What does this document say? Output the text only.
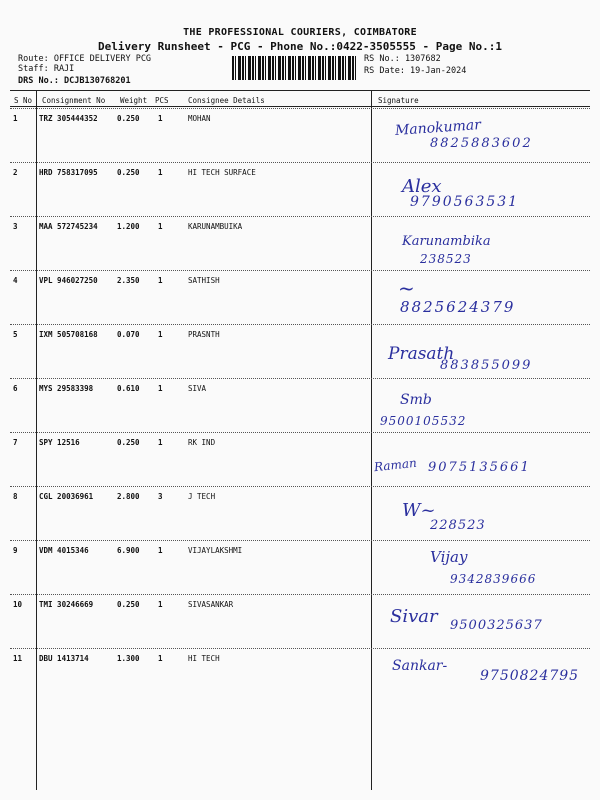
THE PROFESSIONAL COURIERS, COIMBATORE
Delivery Runsheet - PCG - Phone No.:0422-3505555 - Page No.:1
Route: OFFICE DELIVERY PCG
Staff: RAJI
DRS No.: DCJB130768201
RS No.: 1307682
RS Date: 19-Jan-2024
S No Consignment No Weight PCS	Consignee Details	Signature
1	TRZ 305444352	0.250 1	MOHAN	Manokumar
8825883602
2	HRD 758317095	0.250 1	HI TECH SURFACE
Alex
9790563531
3	MAA 572745234	1.200 1	KARUNAMBUIKA
Karunambika
238523
4	VPL 946027250	2.350 1	SATHISH	~
8825624379
5	IXM 505708168	0.070 1	PRASNTH
Prasath
883855099
6	MYS 29583398	0.610 1	SIVA
Smb
9500105532
7	SPY 12516	0.250 1	RK IND
Raman 9075135661
8	CGL 20036961	2.800 3	J TECH
W~
228523
9	VDM 4015346	6.900 1	VIJAYLAKSHMI	Vijay
9342839666
10 TMI 30246669	0.250 1	SIVASANKAR
Sivar 9500325637
11 DBU 1413714	1.300 1	HI TECH	Sankar-
9750824795
